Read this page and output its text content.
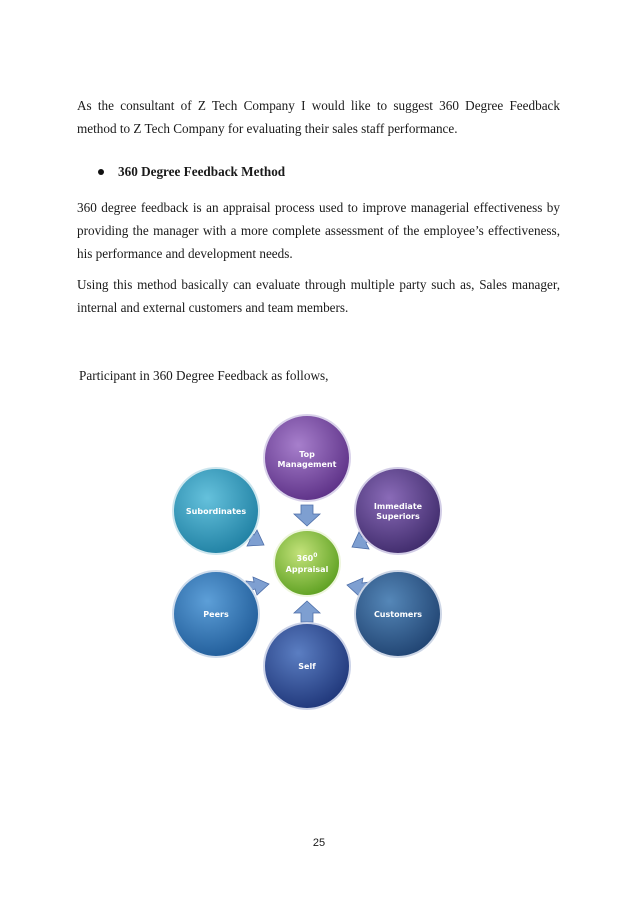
As the consultant of Z Tech Company I would like to suggest 360 Degree Feedback method to Z Tech Company for evaluating their sales staff performance.

360 Degree Feedback Method

360 degree feedback is an appraisal process used to improve managerial effectiveness by providing the manager with a more complete assessment of the employee’s effectiveness, his performance and development needs.

Using this method basically can evaluate through multiple party such as, Sales manager, internal and external customers and team members.

Participant in 360 Degree Feedback as follows,

Top
Management
Immediate
Superiors
Customers
Self
Peers
Subordinates
$360^0$
Appraisal
25
